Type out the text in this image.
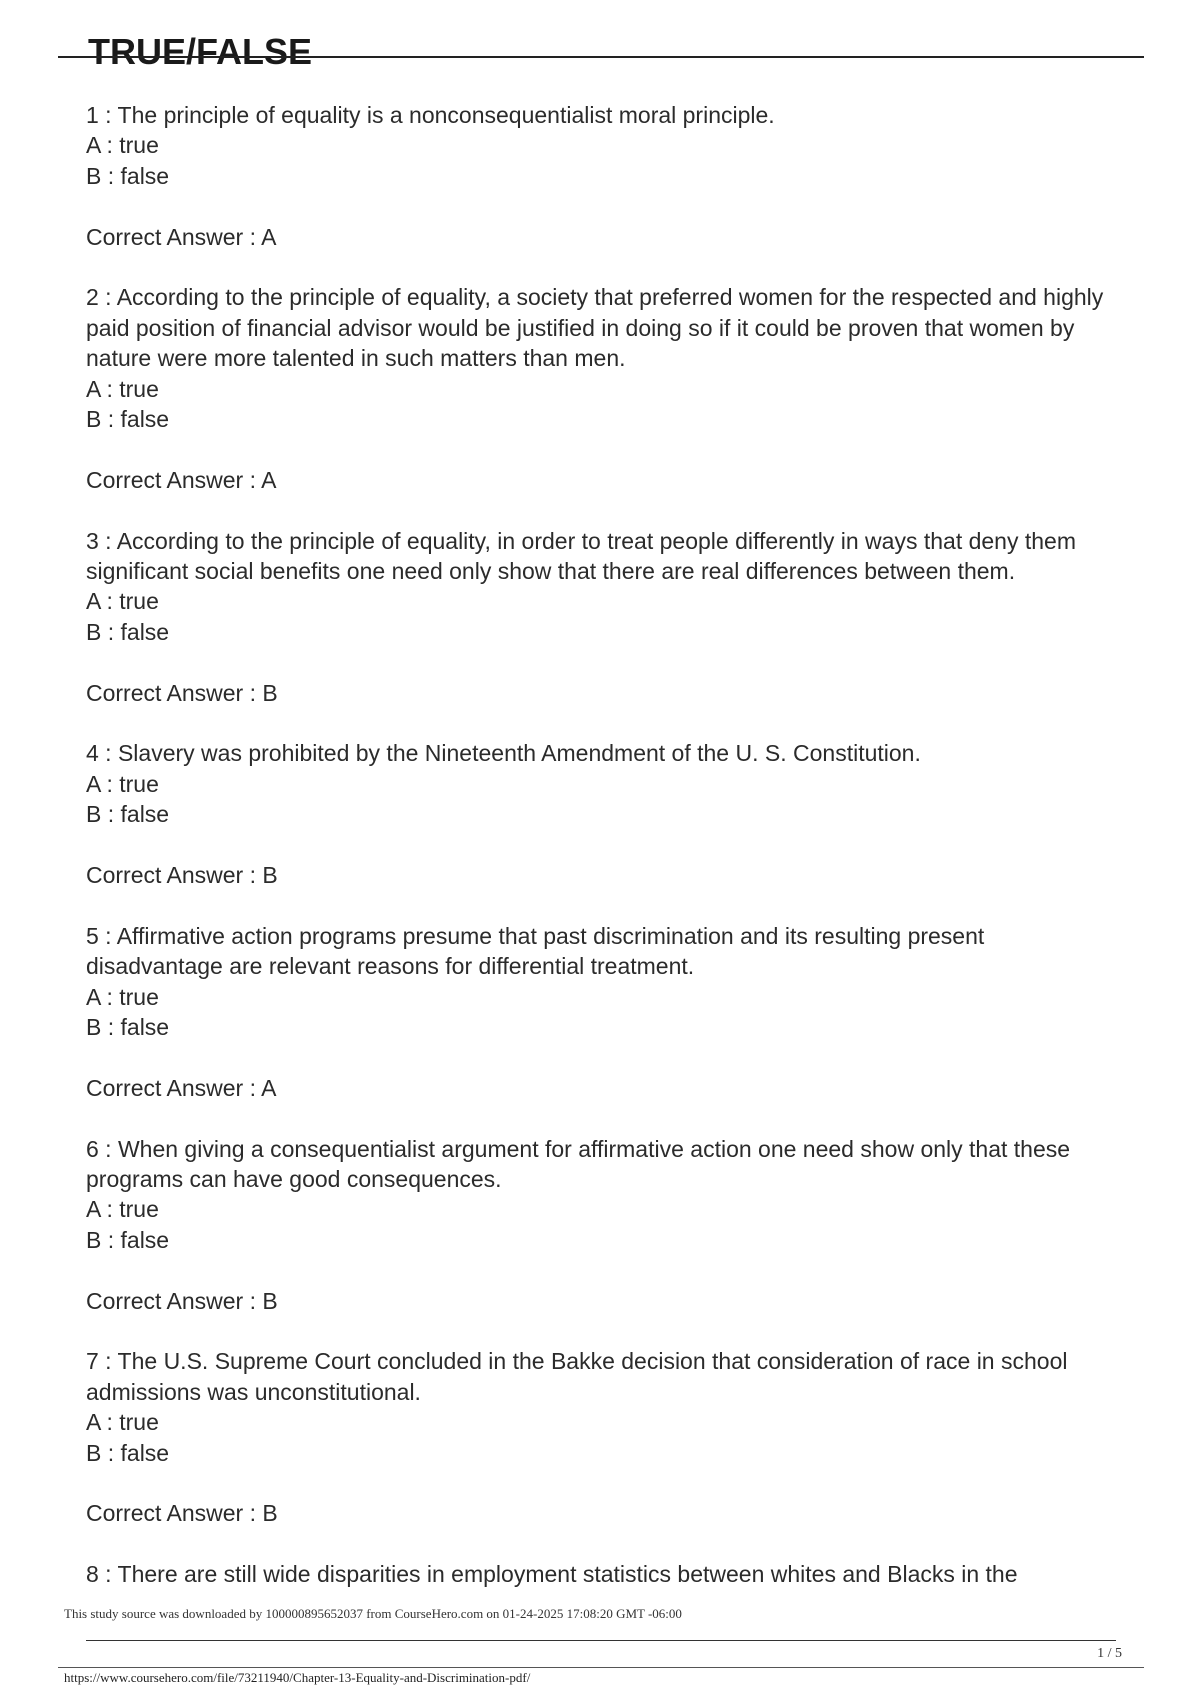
TRUE/FALSE
1 : The principle of equality is a nonconsequentialist moral principle.
A : true
B : false
Correct Answer : A
2 : According to the principle of equality, a society that preferred women for the respected and highly paid position of financial advisor would be justified in doing so if it could be proven that women by nature were more talented in such matters than men.
A : true
B : false
Correct Answer : A
3 : According to the principle of equality, in order to treat people differently in ways that deny them significant social benefits one need only show that there are real differences between them.
A : true
B : false
Correct Answer : B
4 : Slavery was prohibited by the Nineteenth Amendment of the U. S. Constitution.
A : true
B : false
Correct Answer : B
5 : Affirmative action programs presume that past discrimination and its resulting present disadvantage are relevant reasons for differential treatment.
A : true
B : false
Correct Answer : A
6 : When giving a consequentialist argument for affirmative action one need show only that these programs can have good consequences.
A : true
B : false
Correct Answer : B
7 : The U.S. Supreme Court concluded in the Bakke decision that consideration of race in school admissions was unconstitutional.
A : true
B : false
Correct Answer : B
8 : There are still wide disparities in employment statistics between whites and Blacks in the
This study source was downloaded by 100000895652037 from CourseHero.com on 01-24-2025 17:08:20 GMT -06:00
1 / 5
https://www.coursehero.com/file/73211940/Chapter-13-Equality-and-Discrimination-pdf/
